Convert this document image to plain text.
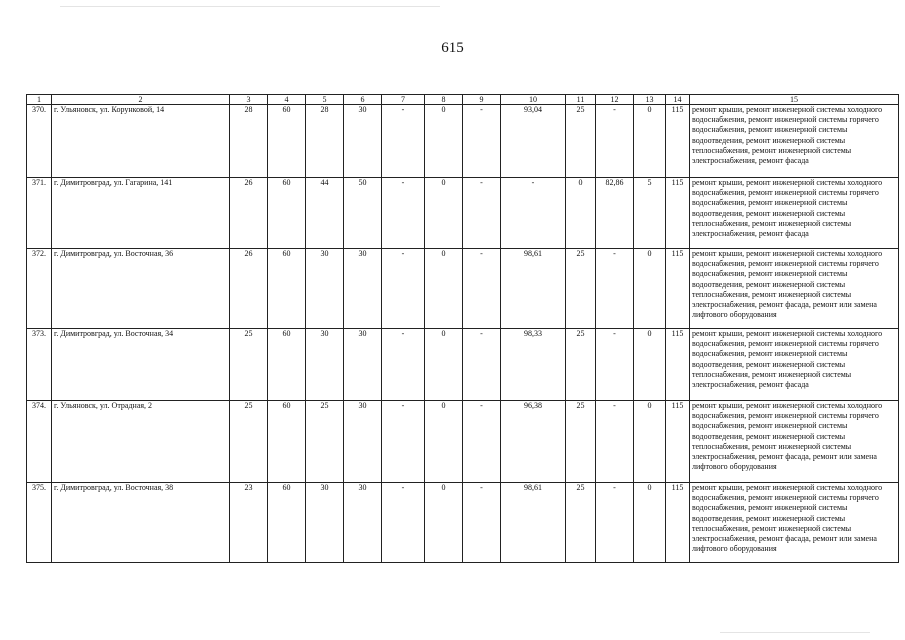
615
1	2	3	4	5	6	7	8	9	10	11	12	13	14	15
370.	г. Ульяновск, ул. Корунковой, 14	28	60	28	30	-	0	-	93,04	25	-	0	115	ремонт крыши, ремонт инженерной системы холодного водоснабжения, ремонт инженерной системы горячего водоснабжения, ремонт инженерной системы водоотведения, ремонт инженерной системы теплоснабжения, ремонт инженерной системы электроснабжения, ремонт фасада
371.	г. Димитровград, ул. Гагарина, 141	26	60	44	50	-	0	-	-	0	82,86	5	115	ремонт крыши, ремонт инженерной системы холодного водоснабжения, ремонт инженерной системы горячего водоснабжения, ремонт инженерной системы водоотведения, ремонт инженерной системы теплоснабжения, ремонт инженерной системы электроснабжения, ремонт фасада
372.	г. Димитровград, ул. Восточная, 36	26	60	30	30	-	0	-	98,61	25	-	0	115	ремонт крыши, ремонт инженерной системы холодного водоснабжения, ремонт инженерной системы горячего водоснабжения, ремонт инженерной системы водоотведения, ремонт инженерной системы теплоснабжения, ремонт инженерной системы электроснабжения, ремонт фасада, ремонт или замена лифтового оборудования
373.	г. Димитровград, ул. Восточная, 34	25	60	30	30	-	0	-	98,33	25	-	0	115	ремонт крыши, ремонт инженерной системы холодного водоснабжения, ремонт инженерной системы горячего водоснабжения, ремонт инженерной системы водоотведения, ремонт инженерной системы теплоснабжения, ремонт инженерной системы электроснабжения, ремонт фасада
374.	г. Ульяновск, ул. Отрадная, 2	25	60	25	30	-	0	-	96,38	25	-	0	115	ремонт крыши, ремонт инженерной системы холодного водоснабжения, ремонт инженерной системы горячего водоснабжения, ремонт инженерной системы водоотведения, ремонт инженерной системы теплоснабжения, ремонт инженерной системы электроснабжения, ремонт фасада, ремонт или замена лифтового оборудования
375.	г. Димитровград, ул. Восточная, 38	23	60	30	30	-	0	-	98,61	25	-	0	115	ремонт крыши, ремонт инженерной системы холодного водоснабжения, ремонт инженерной системы горячего водоснабжения, ремонт инженерной системы водоотведения, ремонт инженерной системы теплоснабжения, ремонт инженерной системы электроснабжения, ремонт фасада, ремонт или замена лифтового оборудования
